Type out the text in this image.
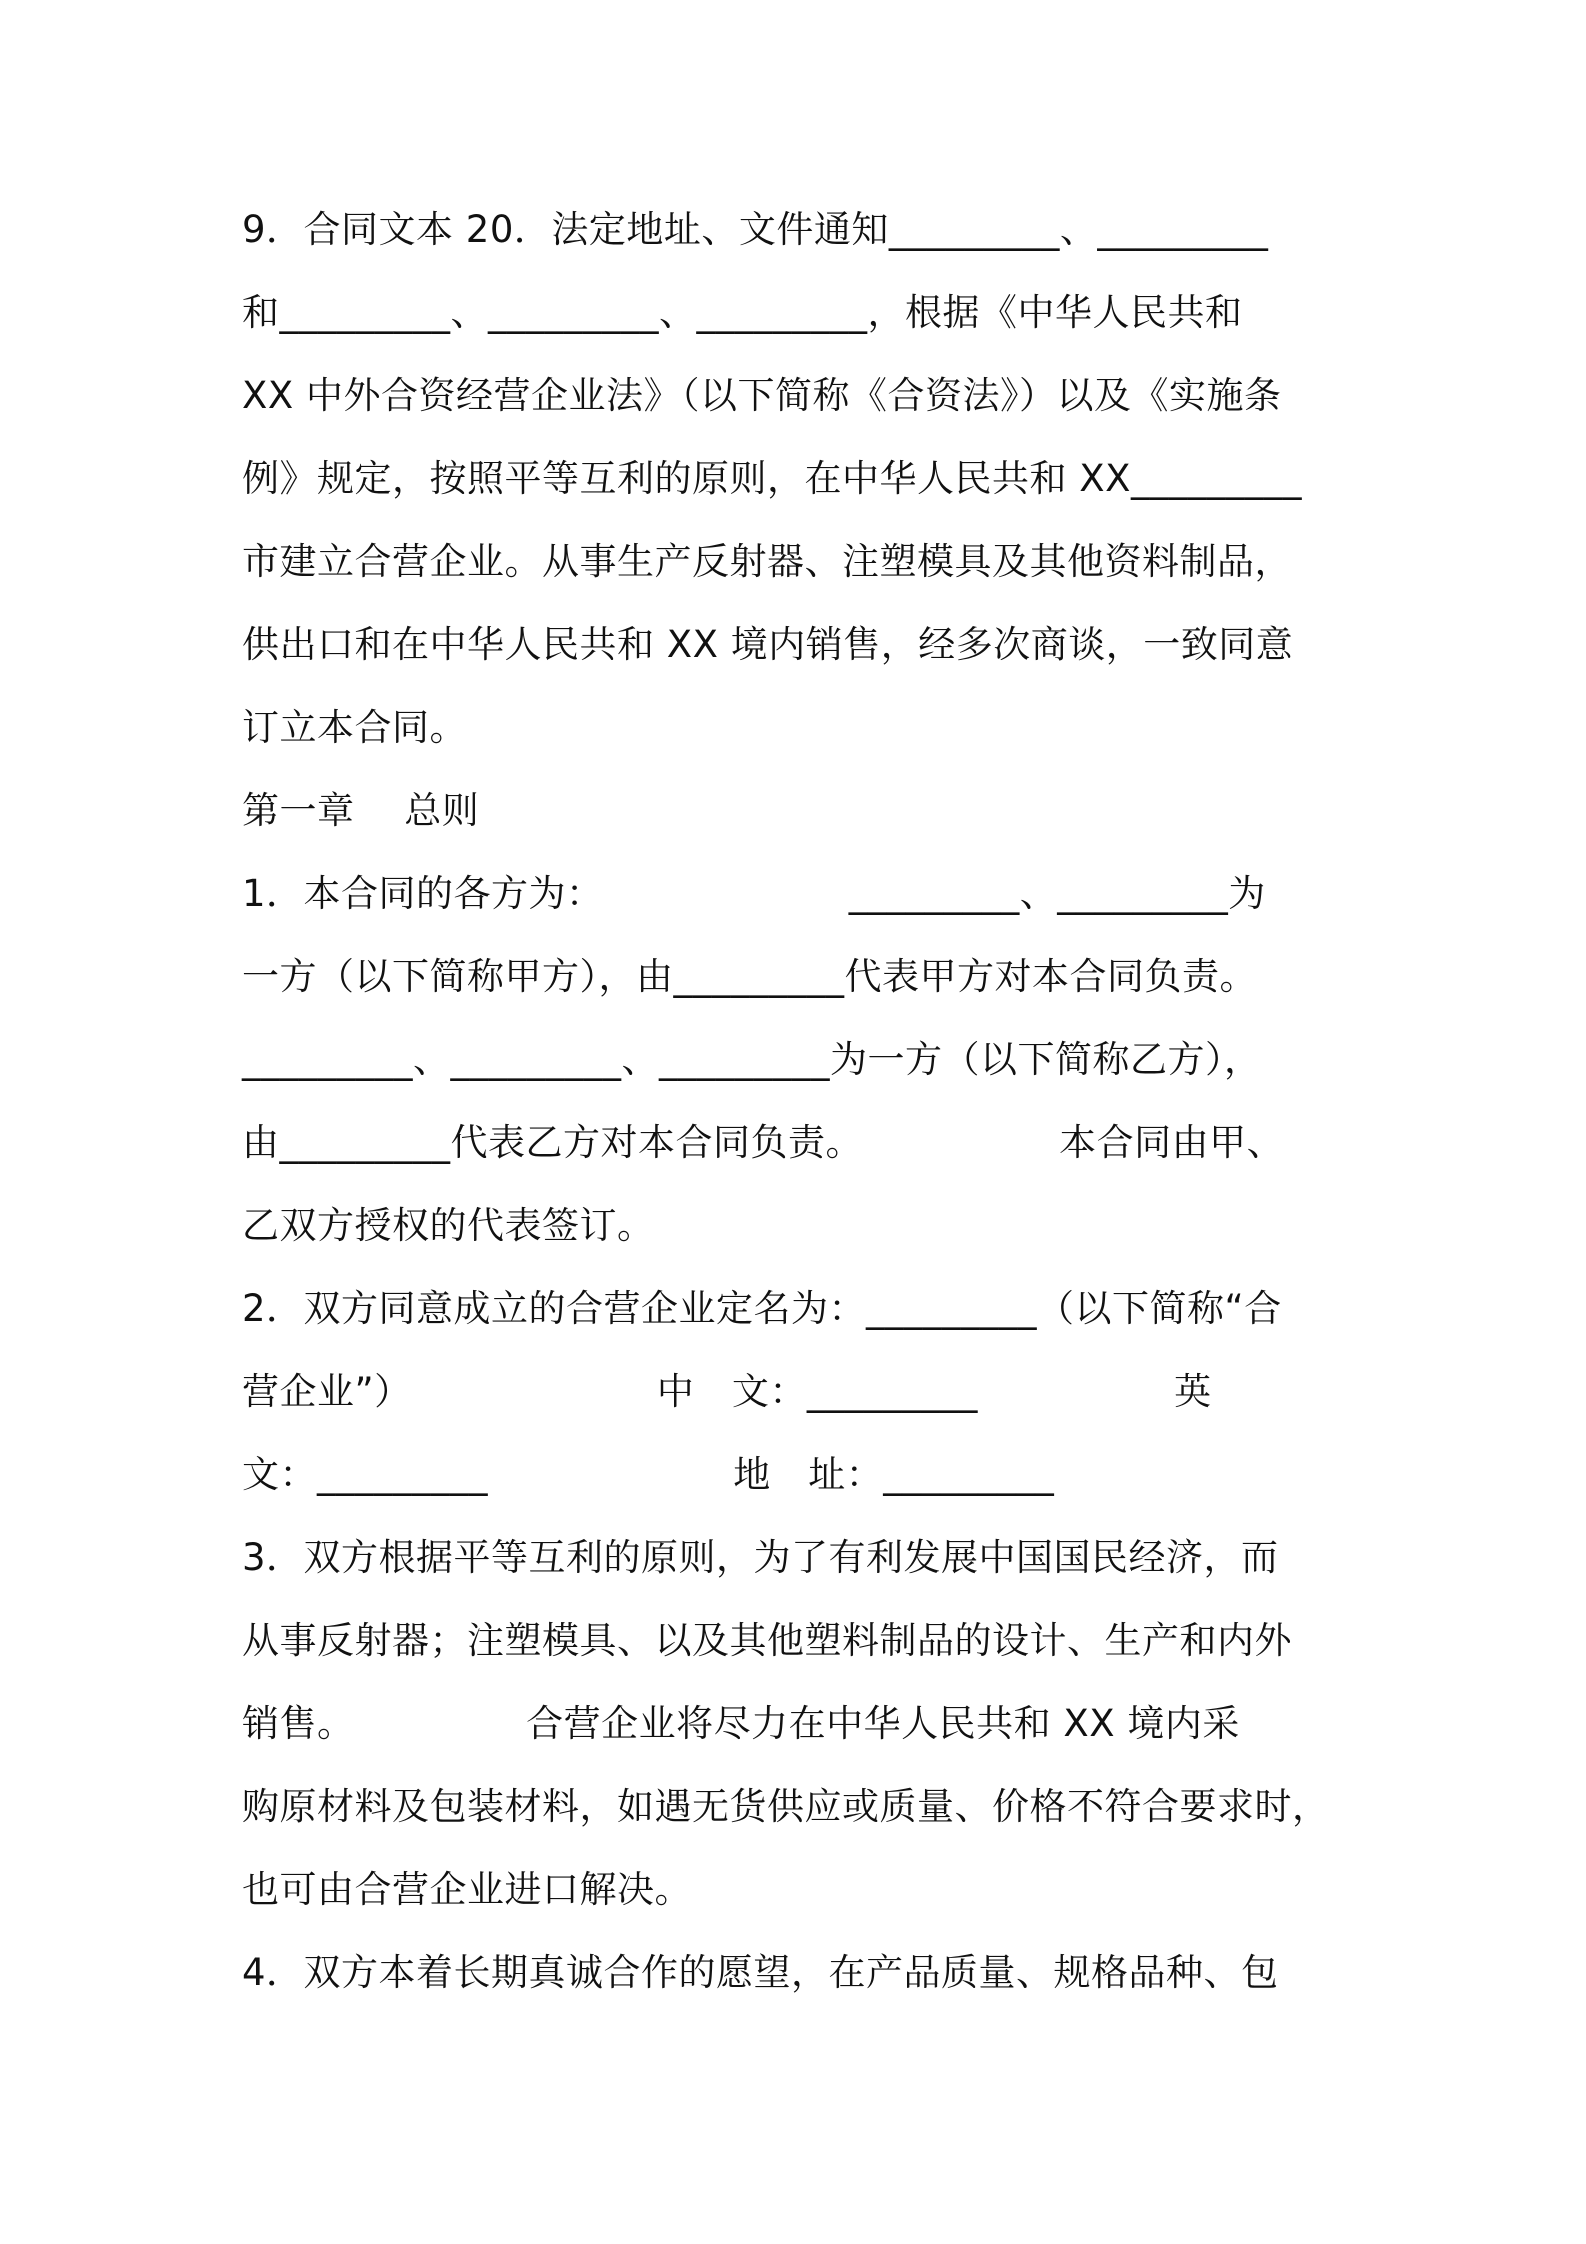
9．合同文本 20．法定地址、文件通知_________、_________
和_________、_________、_________，根据《中华人民共和
XX 中外合资经营企业法》（以下简称《合资法》）以及《实施条
例》规定，按照平等互利的原则，在中华人民共和 XX_________
市建立合营企业。从事生产反射器、注塑模具及其他资料制品，
供出口和在中华人民共和 XX 境内销售，经多次商谈，一致同意
订立本合同。
第一章　 总则
1．本合同的各方为：                    _________、_________为
一方（以下简称甲方），由_________代表甲方对本合同负责。
_________、_________、_________为一方（以下简称乙方），
由_________代表乙方对本合同负责。                本合同由甲、
乙双方授权的代表签订。
2．双方同意成立的合营企业定名为：_________（以下简称“合
营企业”）                    中　文：_________                英
文：_________                    地　址：_________
3．双方根据平等互利的原则，为了有利发展中国国民经济，而
从事反射器；注塑模具、以及其他塑料制品的设计、生产和内外
销售。              合营企业将尽力在中华人民共和 XX 境内采
购原材料及包装材料，如遇无货供应或质量、价格不符合要求时，
也可由合营企业进口解决。
4．双方本着长期真诚合作的愿望，在产品质量、规格品种、包
